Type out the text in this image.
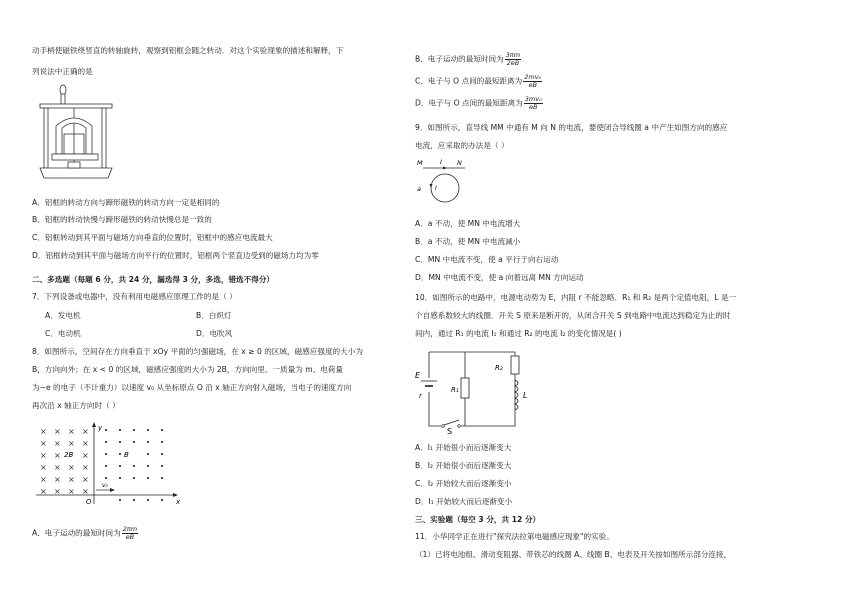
动手柄使磁铁绕竖直的转轴旋转，观察到铝框会随之转动．对这个实验现象的描述和解释，下
列说法中正确的是
A．铝框的转动方向与蹄形磁铁的转动方向一定是相同的
B．铝框的转动快慢与蹄形磁铁的转动快慢总是一致的
C．铝框转动到其平面与磁场方向垂直的位置时，铝框中的感应电流最大
D．铝框转动到其平面与磁场方向平行的位置时，铝框两个竖直边受到的磁场力均为零
二、多选题（每题 6 分，共 24 分，漏选得 3 分，多选，错选不得分）
7．下列设备或电器中，没有利用电磁感应原理工作的是（ ）
A．发电机	B．白炽灯
C．电动机	D．电吹风
8．如图所示，空间存在方向垂直于 xOy 平面的匀强磁场，在 x ≥ 0 的区域，磁感应强度的大小为
B，方向向外；在 x < 0 的区域，磁感应强度的大小为 2B，方向向里。一质量为 m、电荷量
为−e 的电子（不计重力）以速度 v₀ 从坐标原点 O 沿 x 轴正方向射入磁场，当电子的速度方向
再次沿 x 轴正方向时（ ）
y
x
O
× × × ×
× × × ×
× ×	×
× × × ×
× × × ×
× × × ×
2B	B
v₀
A．电子运动的最短时间为 $\frac{2\pi m}{eB}$
B．电子运动的最短时间为 $\frac{3\pi m}{2eB}$
C．电子与 O 点间的最短距离为 $\frac{\text{2mv₀}}{eB}$
D．电子与 O 点间的最短距离为 $\frac{\text{3mv₀}}{eB}$
9．如图所示，直导线 MM 中通有 M 向 N 的电流，要使闭合导线圈 a 中产生如图方向的感应
电流，应采取的办法是（ ）
M	I N
a I
A．a 不动，使 MN 中电流增大
B．a 不动，使 MN 中电流减小
C．MN 中电流不变，使 a 平行于向右运动
D．MN 中电流不变，使 a 向着远离 MN 方向运动
10．如图所示的电路中，电源电动势为 E，内阻 r 不能忽略．R₁ 和 R₂ 是两个定值电阻，L 是一
个自感系数较大的线圈．开关 S 原来是断开的，从闭合开关 S 到电路中电流达到稳定为止的时
间内，通过 R₁ 的电流 I₁ 和通过 R₂ 的电流 I₂ 的变化情况是( )
E
r
R₁
R₂
L
S
A．I₁ 开始很小而后逐渐变大
B．I₂ 开始很小而后逐渐变大
C．I₂ 开始较大而后逐渐变小
D．I₁ 开始较大而后逐渐变小
三、实验题（每空 3 分，共 12 分）
11．小华同学正在进行"探究法拉第电磁感应现象"的实验。
（1）已将电池组、滑动变阻器、带铁芯的线圈 A、线圈 B、电表及开关按如图所示部分连接，
